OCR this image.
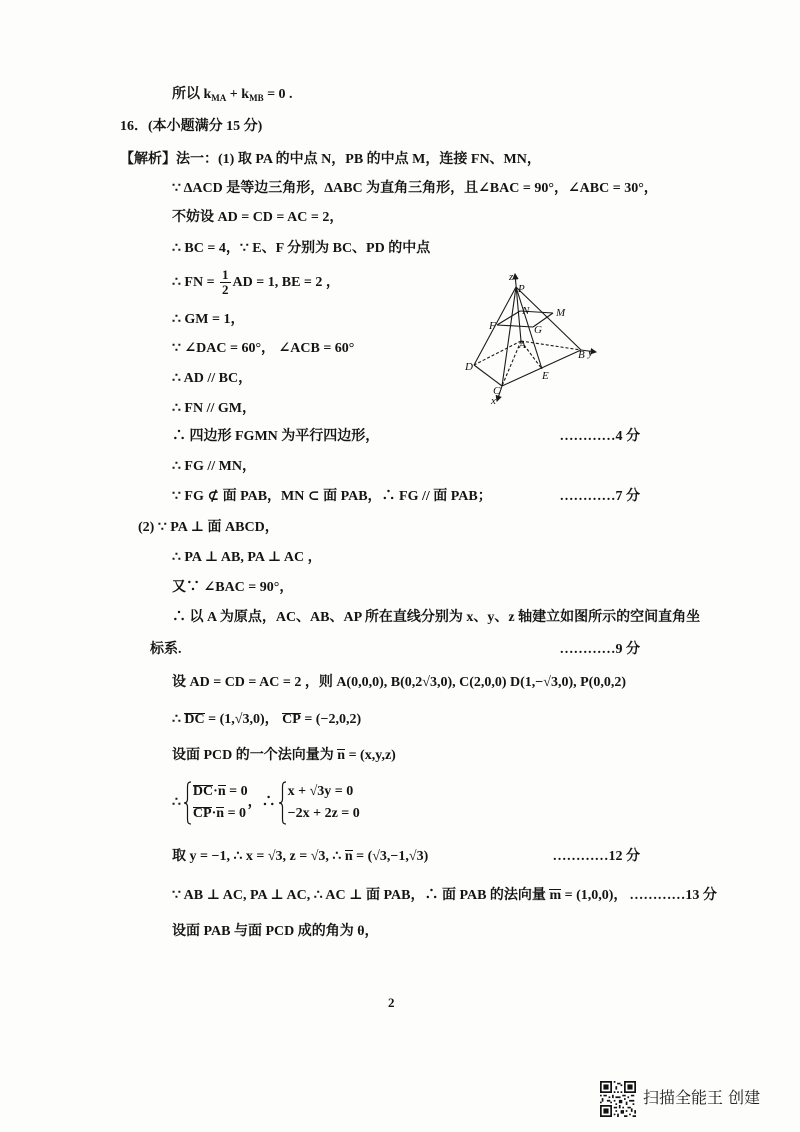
所以 $k_{MA} + k_{MB} = 0$ .
16．(本小题满分 15 分)
【解析】法一：(1) 取 PA 的中点 N，PB 的中点 M，连接 FN、MN，
∵ ΔACD 是等边三角形，ΔABC 为直角三角形，且∠BAC = 90°，∠ABC = 30°，
不妨设 AD = CD = AC = 2，
∴ BC = 4，∵ E、F 分别为 BC、PD 的中点
∴ FN = $\frac{1}{2}$ AD = 1, BE = 2 ，
∴ GM = 1，
∵ ∠DAC = 60°， ∠ACB = 60°
∴ AD // BC，
∴ FN // GM，
∴ 四边形 FGMN 为平行四边形，	…………4 分
∴ FG // MN，
∵ FG ⊄ 面 PAB，MN ⊂ 面 PAB，∴ FG // 面 PAB；	…………7 分
(2) ∵ PA ⊥ 面 ABCD，
∴ PA ⊥ AB, PA ⊥ AC ，
又∵ ∠BAC = 90°，
∴ 以 A 为原点，AC、AB、AP 所在直线分别为 x、y、z 轴建立如图所示的空间直角坐
标系.	…………9 分
设 AD = CD = AC = 2 ，则 A(0,0,0), B(0,2√3,0), C(2,0,0) D(1,−√3,0), P(0,0,2)
∴ DC = (1,√3,0)， CP = (−2,0,2)
设面 PCD 的一个法向量为 n = (x,y,z)
∴
DC·n = 0
CP·n = 0
，∴
x + √3y = 0
−2x + 2z = 0
取 y = −1, ∴ x = √3, z = √3, ∴ n = (√3,−1,√3)	…………12 分
∵ AB ⊥ AC, PA ⊥ AC, ∴ AC ⊥ 面 PAB，∴ 面 PAB 的法向量 m = (1,0,0)， …………13 分
设面 PAB 与面 PCD 成的角为 θ，
z
P
N M
F	G
A
B y
D
E
C
x
2
扫描全能王 创建
